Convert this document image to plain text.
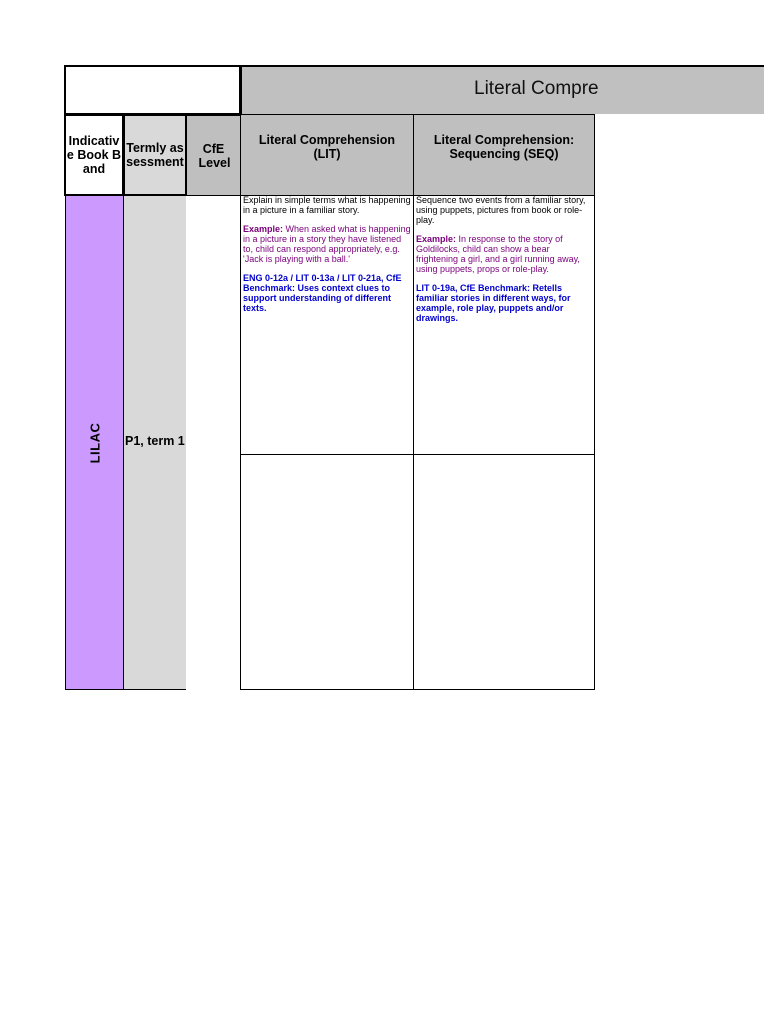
Literal Compre
Indicative Book Band
Termly assessment
CfE Level
Literal Comprehension (LIT)
Literal Comprehension: Sequencing (SEQ)
LILAC P1, term 1

Explain in simple terms what is happening in a picture in a familiar story.

Example: When asked what is happening in a picture in a story they have listened to, child can respond appropriately, e.g. 'Jack is playing with a ball.'

ENG 0-12a / LIT 0-13a / LIT 0-21a, CfE Benchmark: Uses context clues to support understanding of different texts.

Sequence two events from a familiar story, using puppets, pictures from book or role-play.

Example: In response to the story of Goldilocks, child can show a bear frightening a girl, and a girl running away, using puppets, props or role-play.

LIT 0-19a, CfE Benchmark: Retells familiar stories in different ways, for example, role play, puppets and/or drawings.
